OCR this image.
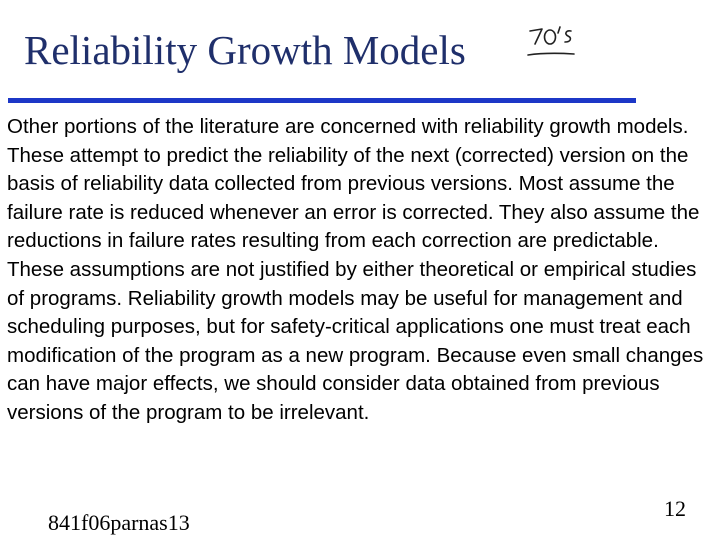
Reliability Growth Models

Other portions of the literature are concerned with reliability growth models. These attempt to predict the reliability of the next (corrected) version on the basis of reliability data collected from previous versions. Most assume the failure rate is reduced whenever an error is corrected. They also assume the reductions in failure rates resulting from each correction are predictable. These assumptions are not justified by either theoretical or empirical studies of programs. Reliability growth models may be useful for management and scheduling purposes, but for safety-critical applications one must treat each modification of the program as a new program. Because even small changes can have major effects, we should consider data obtained from previous versions of the program to be irrelevant.

841f06parnas13
12
